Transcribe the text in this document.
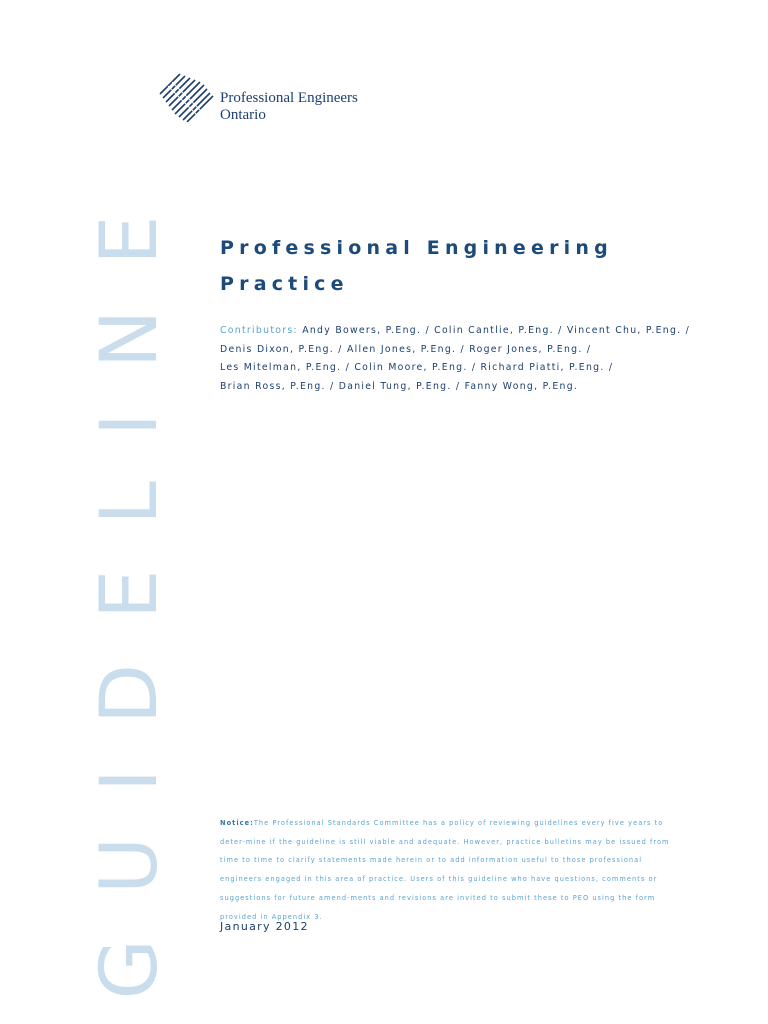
Professional Engineers
Ontario
GUIDELINE Professional Engineering Practice
Contributors: Andy Bowers, P.Eng. / Colin Cantlie, P.Eng. / Vincent Chu, P.Eng. /
Denis Dixon, P.Eng. / Allen Jones, P.Eng. / Roger Jones, P.Eng. /
Les Mitelman, P.Eng. / Colin Moore, P.Eng. / Richard Piatti, P.Eng. /
Brian Ross, P.Eng. / Daniel Tung, P.Eng. / Fanny Wong, P.Eng.
Notice:The Professional Standards Committee has a policy of reviewing guidelines every five years to deter-mine if the guideline is still viable and adequate. However, practice bulletins may be issued from time to time to clarify statements made herein or to add information useful to those professional engineers engaged in this area of practice. Users of this guideline who have questions, comments or suggestions for future amend-ments and revisions are invited to submit these to PEO using the form provided in Appendix 3.
January 2012
